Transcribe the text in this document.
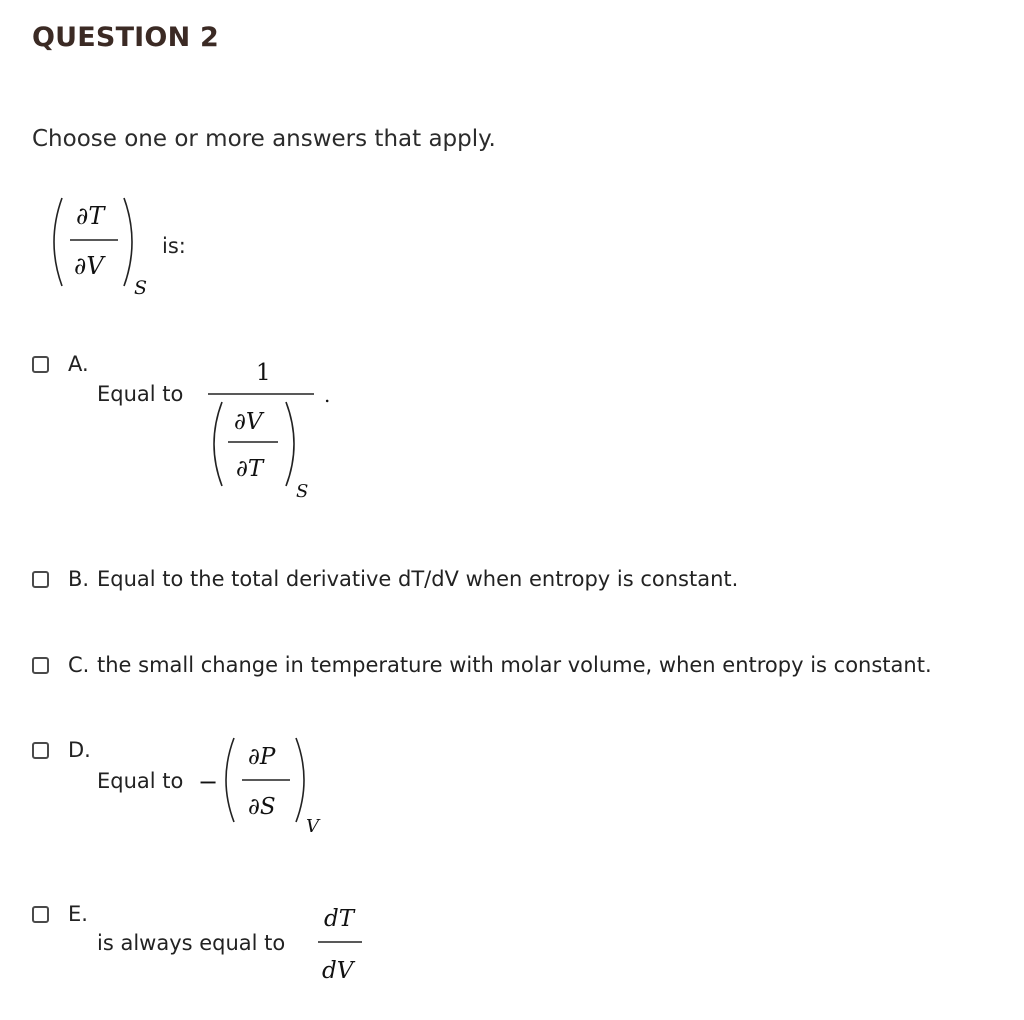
QUESTION 2
Choose one or more answers that apply.
∂T
∂V
S
is:
A.
Equal to
1
∂V
∂T
S
.
B. Equal to the total derivative dT/dV when entropy is constant.
C. the small change in temperature with molar volume, when entropy is constant.
D.
Equal to −
∂P
∂S
V
E.
is always equal to
dT
dV
